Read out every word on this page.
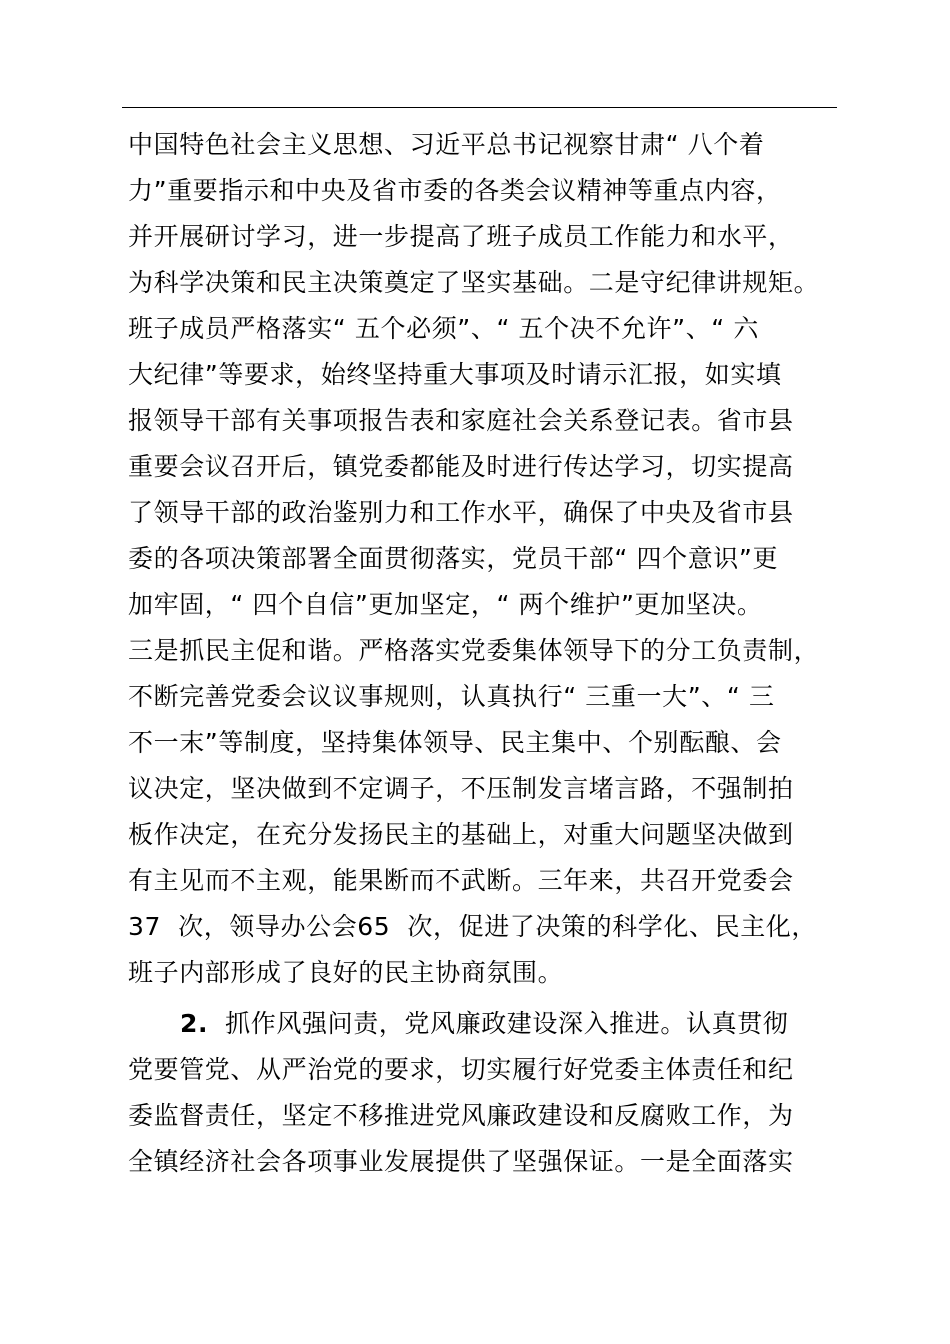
中国特色社会主义思想、习近平总书记视察甘肃“ 八个着
力”重要指示和中央及省市委的各类会议精神等重点内容，
并开展研讨学习，进一步提高了班子成员工作能力和水平，
为科学决策和民主决策奠定了坚实基础。二是守纪律讲规矩。
班子成员严格落实“ 五个必须”、“ 五个决不允许”、“ 六
大纪律”等要求，始终坚持重大事项及时请示汇报，如实填
报领导干部有关事项报告表和家庭社会关系登记表。省市县
重要会议召开后，镇党委都能及时进行传达学习，切实提高
了领导干部的政治鉴别力和工作水平，确保了中央及省市县
委的各项决策部署全面贯彻落实，党员干部“ 四个意识”更
加牢固，“ 四个自信”更加坚定，“ 两个维护”更加坚决。
三是抓民主促和谐。严格落实党委集体领导下的分工负责制，
不断完善党委会议议事规则，认真执行“ 三重一大”、“ 三
不一末”等制度，坚持集体领导、民主集中、个别酝酿、会
议决定，坚决做到不定调子，不压制发言堵言路，不强制拍
板作决定，在充分发扬民主的基础上，对重大问题坚决做到
有主见而不主观，能果断而不武断。三年来，共召开党委会
37  次，领导办公会65  次，促进了决策的科学化、民主化，
班子内部形成了良好的民主协商氛围。
2.  抓作风强问责，党风廉政建设深入推进。认真贯彻
党要管党、从严治党的要求，切实履行好党委主体责任和纪
委监督责任，坚定不移推进党风廉政建设和反腐败工作，为
全镇经济社会各项事业发展提供了坚强保证。一是全面落实
